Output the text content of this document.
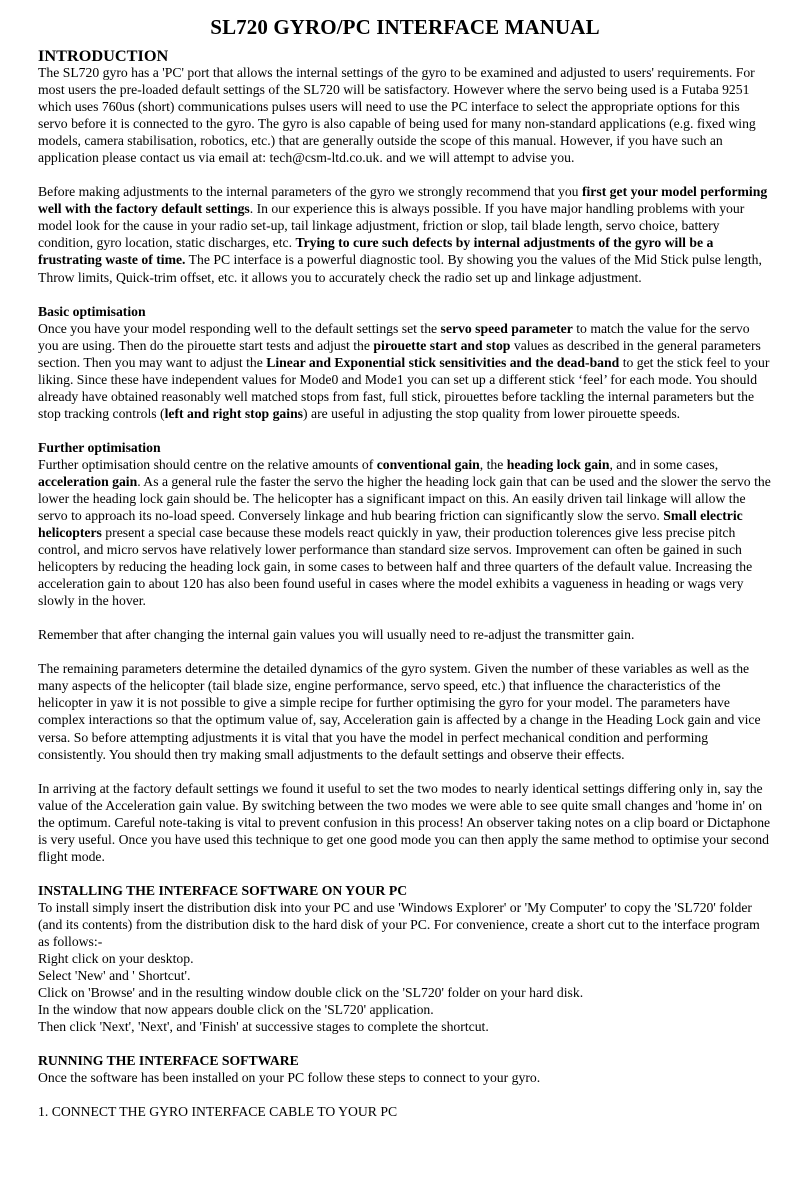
SL720 GYRO/PC INTERFACE MANUAL
INTRODUCTION

The SL720 gyro has a 'PC' port that allows the internal settings of the gyro to be examined and adjusted to users' requirements. For most users the pre-loaded default settings of the SL720 will be satisfactory. However where the servo being used is a Futaba 9251 which uses 760us (short) communications pulses users will need to use the PC interface to select the appropriate options for this servo before it is connected to the gyro. The gyro is also capable of being used for many non-standard applications (e.g. fixed wing models, camera stabilisation, robotics, etc.) that are generally outside the scope of this manual. However, if you have such an application please contact us via email at: tech@csm-ltd.co.uk. and we will attempt to advise you.

Before making adjustments to the internal parameters of the gyro we strongly recommend that you first get your model performing well with the factory default settings. In our experience this is always possible. If you have major handling problems with your model look for the cause in your radio set-up, tail linkage adjustment, friction or slop, tail blade length, servo choice, battery condition, gyro location, static discharges, etc. Trying to cure such defects by internal adjustments of the gyro will be a frustrating waste of time. The PC interface is a powerful diagnostic tool. By showing you the values of the Mid Stick pulse length, Throw limits, Quick-trim offset, etc. it allows you to accurately check the radio set up and linkage adjustment.

Basic optimisation

Once you have your model responding well to the default settings set the servo speed parameter to match the value for the servo you are using. Then do the pirouette start tests and adjust the pirouette start and stop values as described in the general parameters section. Then you may want to adjust the Linear and Exponential stick sensitivities and the dead-band to get the stick feel to your liking. Since these have independent values for Mode0 and Mode1 you can set up a different stick ‘feel’ for each mode. You should already have obtained reasonably well matched stops from fast, full stick, pirouettes before tackling the internal parameters but the stop tracking controls (left and right stop gains) are useful in adjusting the stop quality from lower pirouette speeds.

Further optimisation

Further optimisation should centre on the relative amounts of conventional gain, the heading lock gain, and in some cases, acceleration gain. As a general rule the faster the servo the higher the heading lock gain that can be used and the slower the servo the lower the heading lock gain should be. The helicopter has a significant impact on this. An easily driven tail linkage will allow the servo to approach its no-load speed. Conversely linkage and hub bearing friction can significantly slow the servo. Small electric helicopters present a special case because these models react quickly in yaw, their production tolerences give less precise pitch control, and micro servos have relatively lower performance than standard size servos. Improvement can often be gained in such helicopters by reducing the heading lock gain, in some cases to between half and three quarters of the default value. Increasing the acceleration gain to about 120 has also been found useful in cases where the model exhibits a vagueness in heading or wags very slowly in the hover.

Remember that after changing the internal gain values you will usually need to re-adjust the transmitter gain.

The remaining parameters determine the detailed dynamics of the gyro system. Given the number of these variables as well as the many aspects of the helicopter (tail blade size, engine performance, servo speed, etc.) that influence the characteristics of the helicopter in yaw it is not possible to give a simple recipe for further optimising the gyro for your model. The parameters have complex interactions so that the optimum value of, say, Acceleration gain is affected by a change in the Heading Lock gain and vice versa. So before attempting adjustments it is vital that you have the model in perfect mechanical condition and performing consistently. You should then try making small adjustments to the default settings and observe their effects.

In arriving at the factory default settings we found it useful to set the two modes to nearly identical settings differing only in, say the value of the Acceleration gain value. By switching between the two modes we were able to see quite small changes and 'home in' on the optimum. Careful note-taking is vital to prevent confusion in this process! An observer taking notes on a clip board or Dictaphone is very useful. Once you have used this technique to get one good mode you can then apply the same method to optimise your second flight mode.

INSTALLING THE INTERFACE SOFTWARE ON YOUR PC

To install simply insert the distribution disk into your PC and use 'Windows Explorer' or 'My Computer' to copy the 'SL720' folder (and its contents) from the distribution disk to the hard disk of your PC. For convenience, create a short cut to the interface program as follows:-

Right click on your desktop.
Select 'New' and ' Shortcut'.
Click on 'Browse' and in the resulting window double click on the 'SL720' folder on your hard disk.
In the window that now appears double click on the 'SL720' application.
Then click 'Next', 'Next', and 'Finish' at successive stages to complete the shortcut.
RUNNING THE INTERFACE SOFTWARE

Once the software has been installed on your PC follow these steps to connect to your gyro.

1. CONNECT THE GYRO INTERFACE CABLE TO YOUR PC
